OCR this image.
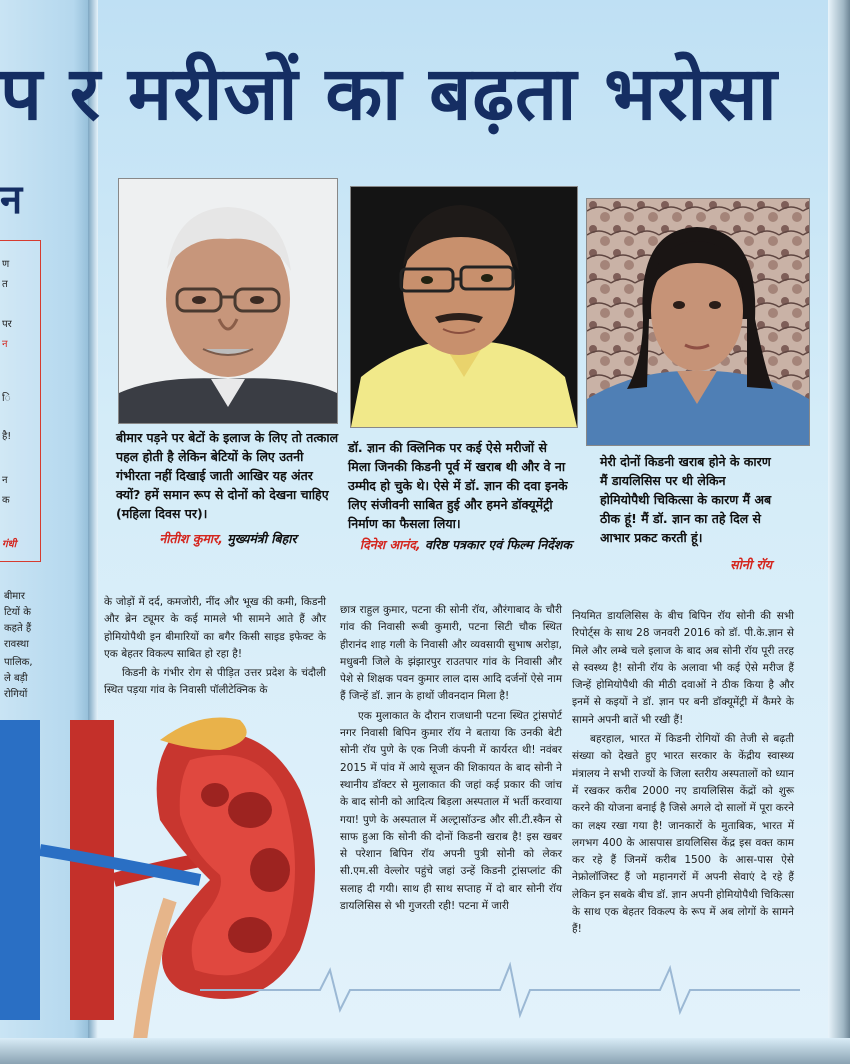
ण
त
पर
न
ि
है!
न
क
गंधी
बीमार
टियों के
कहते हैं
रावस्था
पालिक,
ले बड़ी
रोगियों
प र मरीजों का बढ़ता भरोसा
न
बीमार पड़ने पर बेटों के इलाज के लिए तो तत्काल पहल होती है लेकिन बेटियों के लिए उतनी गंभीरता नहीं दिखाई जाती आखिर यह अंतर क्यों? हमें समान रूप से दोनों को देखना चाहिए (महिला दिवस पर)।
नीतीश कुमार, मुख्यमंत्री बिहार
डॉ. ज्ञान की क्लिनिक पर कई ऐसे मरीजों से मिला जिनकी किडनी पूर्व में खराब थी और वे ना उम्मीद हो चुके थे। ऐसे में डॉ. ज्ञान की दवा इनके लिए संजीवनी साबित हुई और हमने डॉक्यूमेंट्री निर्माण का फैसला लिया।
दिनेश आनंद, वरिष्ठ पत्रकार एवं फिल्म निर्देशक
मेरी दोनों किडनी खराब होने के कारण मैं डायलिसिस पर थी लेकिन होमियोपैथी चिकित्सा के कारण मैं अब ठीक हूं! मैं डॉ. ज्ञान का तहे दिल से आभार प्रकट करती हूं।
सोनी रॉय

के जोड़ों में दर्द, कमजोरी, नींद और भूख की कमी, किडनी और ब्रेन ट्यूमर के कई मामले भी सामने आते हैं और होमियोपैथी इन बीमारियों का बगैर किसी साइड इफेक्ट के एक बेहतर विकल्प साबित हो रहा है!

किडनी के गंभीर रोग से पीड़ित उत्तर प्रदेश के चंदौली स्थित पड़या गांव के निवासी पॉलीटेक्निक के

छात्र राहुल कुमार, पटना की सोनी रॉय, औरंगाबाद के चौरी गांव की निवासी रूबी कुमारी, पटना सिटी चौक स्थित हीरानंद शाह गली के निवासी और व्यवसायी सुभाष अरोड़ा, मधुबनी जिले के झंझारपुर राउतपार गांव के निवासी और पेशे से शिक्षक पवन कुमार लाल दास आदि दर्जनों ऐसे नाम हैं जिन्हें डॉ. ज्ञान के हाथों जीवनदान मिला है!

एक मुलाकात के दौरान राजधानी पटना स्थित ट्रांसपोर्ट नगर निवासी बिपिन कुमार रॉय ने बताया कि उनकी बेटी सोनी रॉय पुणे के एक निजी कंपनी में कार्यरत थी! नवंबर 2015 में पांव में आये सूजन की शिकायत के बाद सोनी ने स्थानीय डॉक्टर से मुलाकात की जहां कई प्रकार की जांच के बाद सोनी को आदित्य बिड़ला अस्पताल में भर्ती करवाया गया! पुणे के अस्पताल में अल्ट्रासॉउन्ड और सी.टी.स्कैन से साफ हुआ कि सोनी की दोनों किडनी खराब है! इस खबर से परेशान बिपिन रॉय अपनी पुत्री सोनी को लेकर सी.एम.सी वेल्लोर पहुंचे जहां उन्हें किडनी ट्रांसप्लांट की सलाह दी गयी। साथ ही साथ सप्ताह में दो बार सोनी रॉय डायलिसिस से भी गुजरती रही! पटना में जारी

नियमित डायलिसिस के बीच बिपिन रॉय सोनी की सभी रिपोर्ट्स के साथ 28 जनवरी 2016 को डॉ. पी.के.ज्ञान से मिले और लम्बे चले इलाज के बाद अब सोनी रॉय पूरी तरह से स्वस्थ्य है! सोनी रॉय के अलावा भी कई ऐसे मरीज हैं जिन्हें होमियोपैथी की मीठी दवाओं ने ठीक किया है और इनमें से कइयों ने डॉ. ज्ञान पर बनी डॉक्यूमेंट्री में कैमरे के सामने अपनी बातें भी रखी हैं!

बहरहाल, भारत में किडनी रोगियों की तेजी से बढ़ती संख्या को देखते हुए भारत सरकार के केंद्रीय स्वास्थ्य मंत्रालय ने सभी राज्यों के जिला स्तरीय अस्पतालों को ध्यान में रखकर करीब 2000 नए डायलिसिस केंद्रों को शुरू करने की योजना बनाई है जिसे अगले दो सालों में पूरा करने का लक्ष्य रखा गया है! जानकारों के मुताबिक, भारत में लगभग 400 के आसपास डायलिसिस केंद्र इस वक्त काम कर रहे हैं जिनमें करीब 1500 के आस-पास ऐसे नेफ्रोलॉजिस्ट हैं जो महानगरों में अपनी सेवाएं दे रहे हैं लेकिन इन सबके बीच डॉ. ज्ञान अपनी होमियोपैथी चिकित्सा के साथ एक बेहतर विकल्प के रूप में अब लोगों के सामने हैं!
